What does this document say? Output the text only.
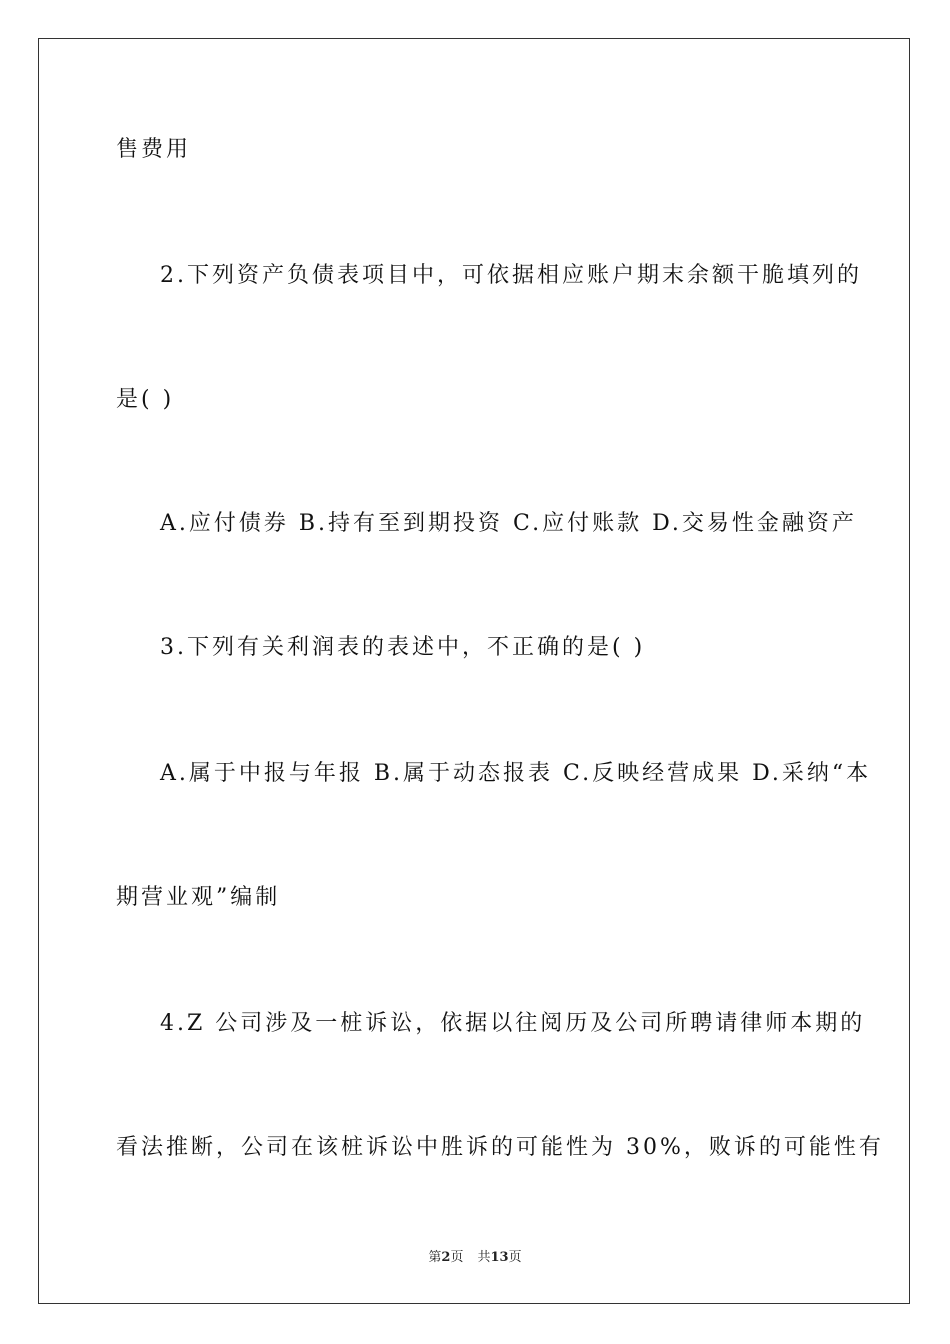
售费用
2.下列资产负债表项目中，可依据相应账户期末余额干脆填列的
是( )
A.应付债券 B.持有至到期投资 C.应付账款 D.交易性金融资产
3.下列有关利润表的表述中，不正确的是( )
A.属于中报与年报 B.属于动态报表 C.反映经营成果 D.采纳“本
期营业观”编制
4.Z 公司涉及一桩诉讼，依据以往阅历及公司所聘请律师本期的
看法推断，公司在该桩诉讼中胜诉的可能性为 30%，败诉的可能性有
第2页 共13页
